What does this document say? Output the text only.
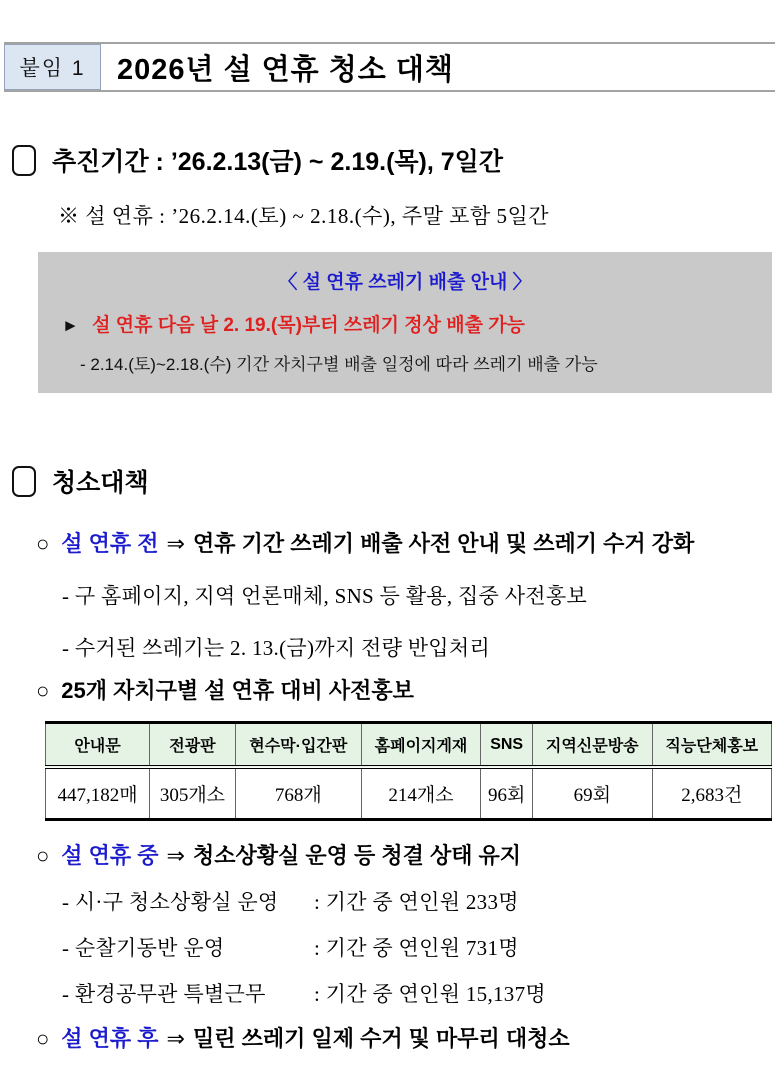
붙임 1	2026년 설 연휴 청소 대책
추진기간 : ’26.2.13(금) ~ 2.19.(목), 7일간
※ 설 연휴 : ’26.2.14.(토) ~ 2.18.(수), 주말 포함 5일간
〈 설 연휴 쓰레기 배출 안내 〉
► 설 연휴 다음 날 2. 19.(목)부터 쓰레기 정상 배출 가능
- 2.14.(토)~2.18.(수) 기간 자치구별 배출 일정에 따라 쓰레기 배출 가능
청소대책
○ 설 연휴 전 ⇒ 연휴 기간 쓰레기 배출 사전 안내 및 쓰레기 수거 강화
- 구 홈페이지, 지역 언론매체, SNS 등 활용, 집중 사전홍보
- 수거된 쓰레기는 2. 13.(금)까지 전량 반입처리
○ 25개 자치구별 설 연휴 대비 사전홍보
안내문	전광판	현수막·입간판	홈페이지게재	SNS	지역신문방송	직능단체홍보
447,182매	305개소	768개	214개소	96회	69회	2,683건
○ 설 연휴 중 ⇒ 청소상황실 운영 등 청결 상태 유지
- 시·구 청소상황실 운영	: 기간 중 연인원 233명
- 순찰기동반 운영	: 기간 중 연인원 731명
- 환경공무관 특별근무	: 기간 중 연인원 15,137명
○ 설 연휴 후 ⇒ 밀린 쓰레기 일제 수거 및 마무리 대청소
